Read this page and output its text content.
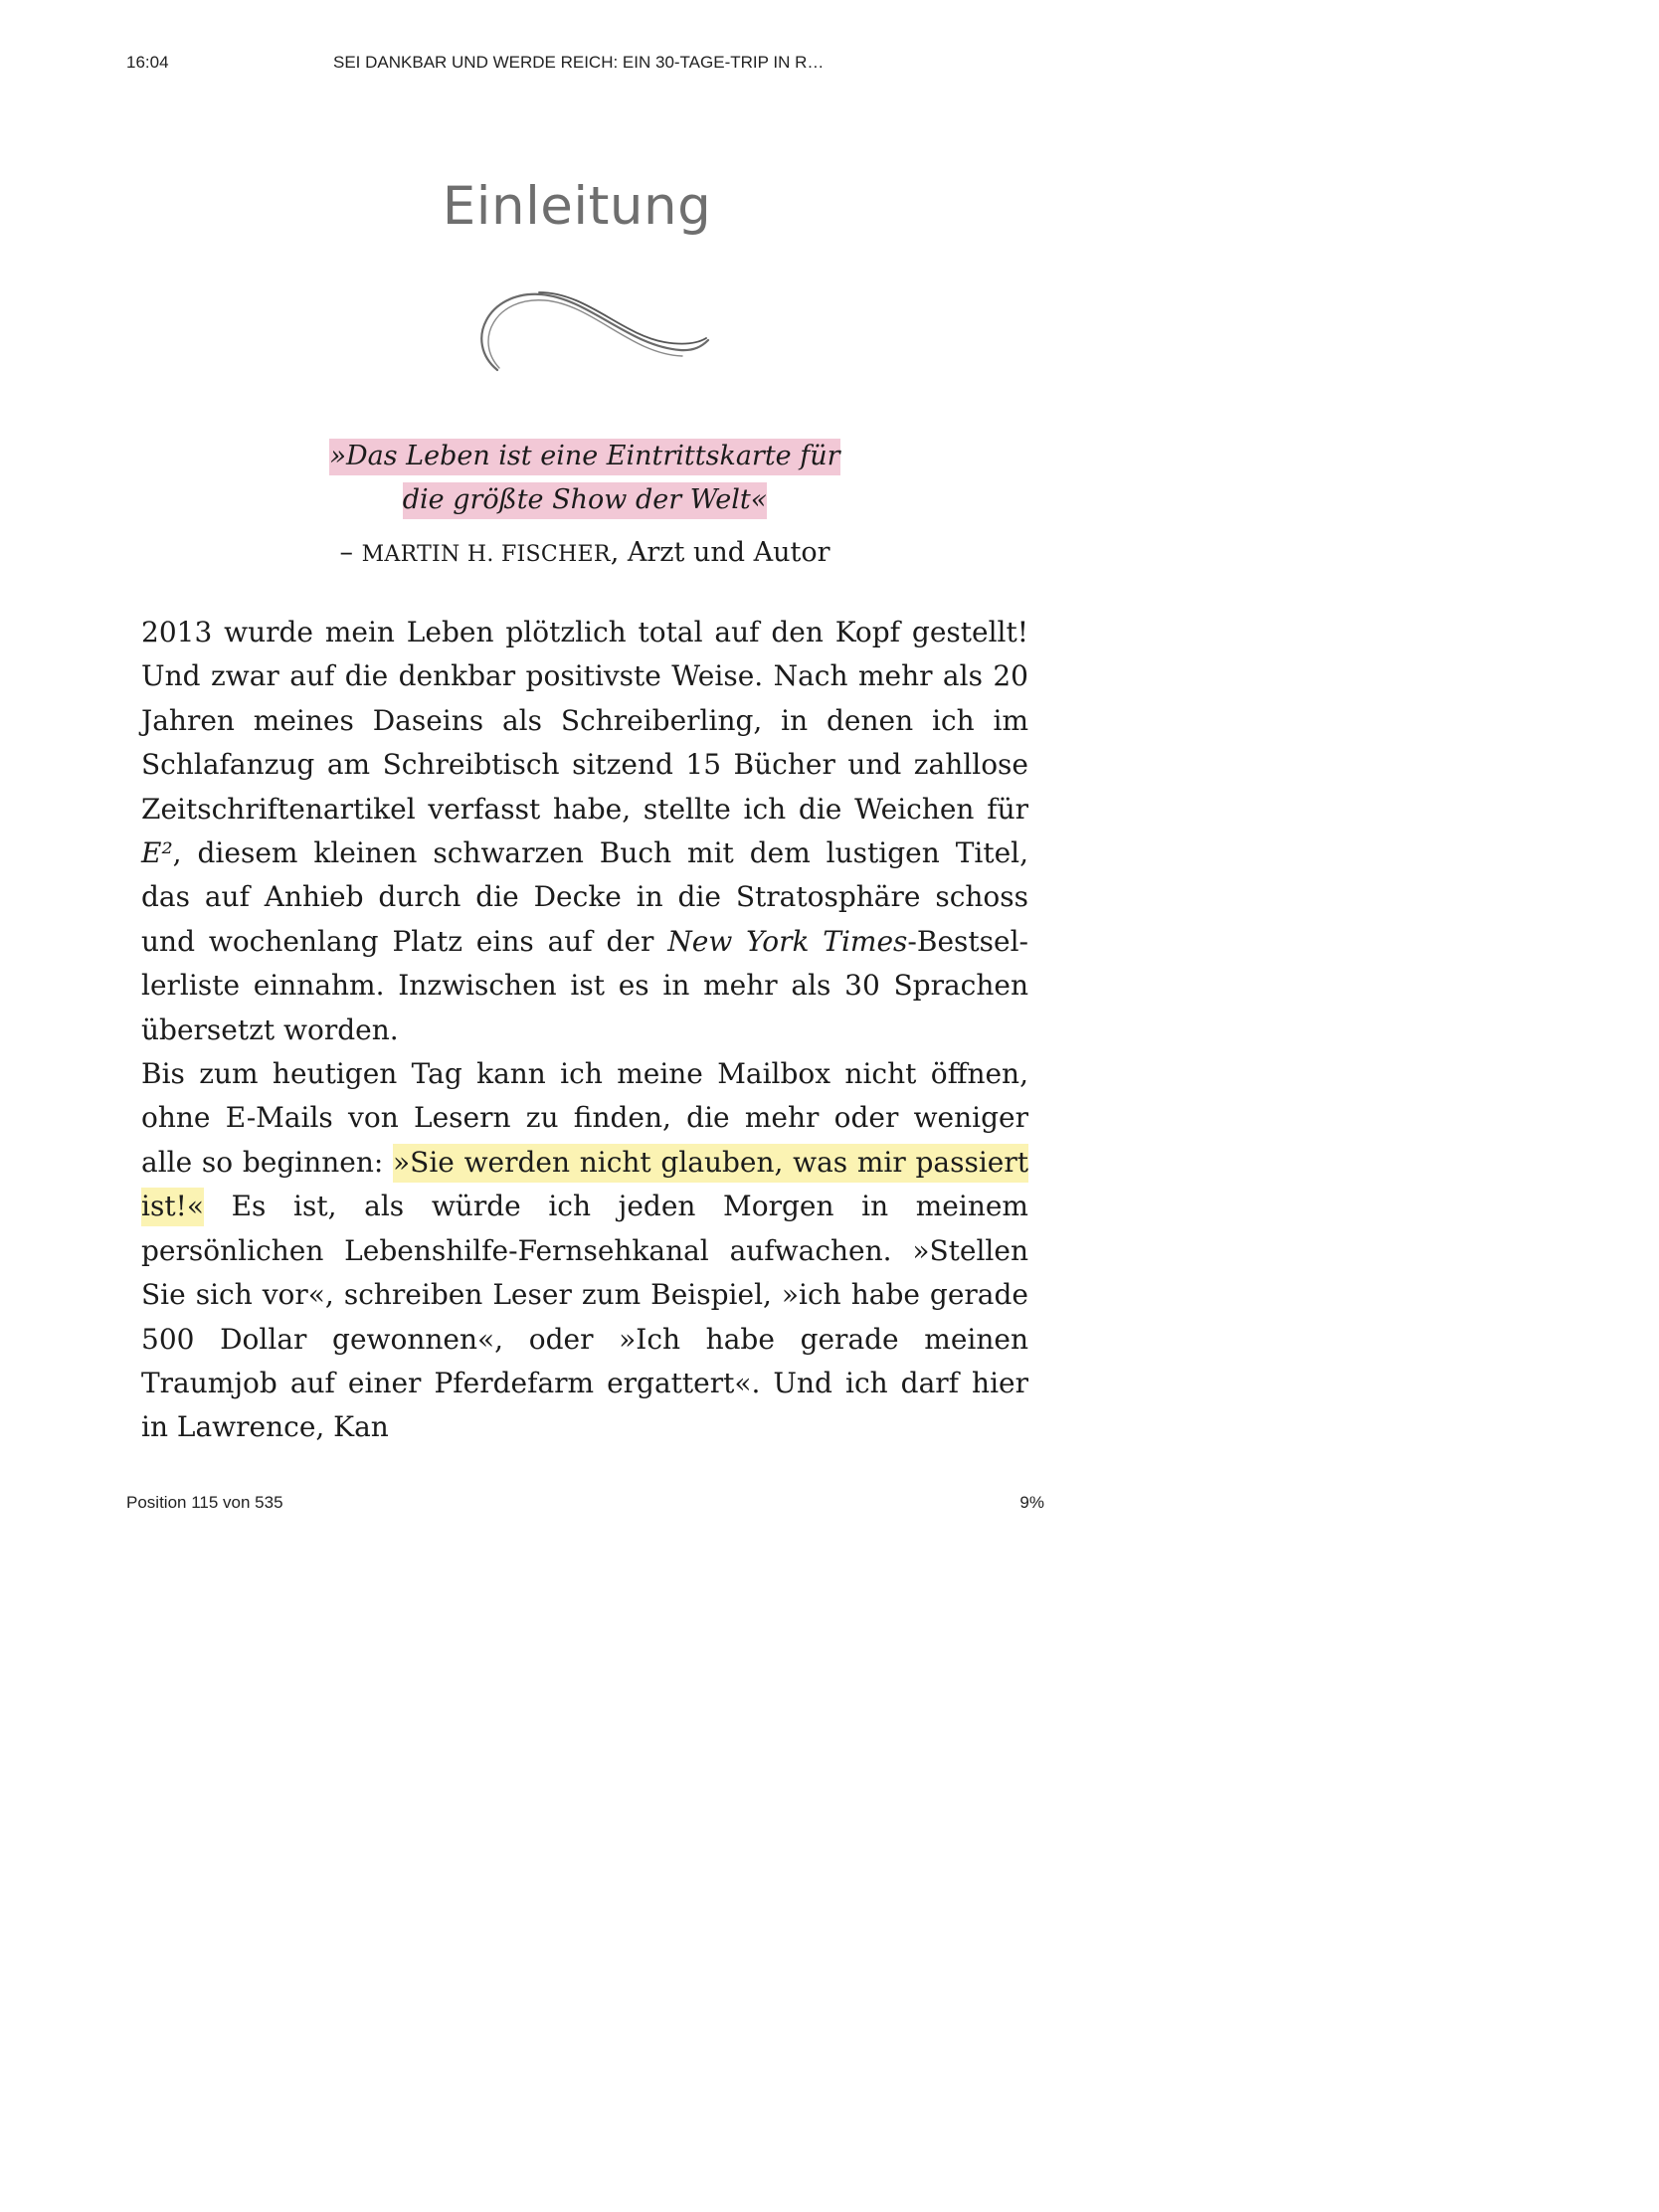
16:04	SEI DANKBAR UND WERDE REICH: EIN 30-TAGE-TRIP IN R…
Einleitung
»Das Leben ist eine Eintrittskarte für
die größte Show der Welt«
– MARTIN H. FISCHER, Arzt und Autor

2013 wurde mein Leben plötzlich total auf den Kopf gestellt! Und zwar auf die denkbar positivste Weise. Nach mehr als 20 Jahren meines Daseins als Schreiberling, in denen ich im Schlafanzug am Schreibtisch sitzend 15 Bücher und zahllose Zeitschriftenartikel verfasst habe, stellte ich die Weichen für E², diesem kleinen schwarzen Buch mit dem lustigen Titel, das auf Anhieb durch die Decke in die Stratosphäre schoss und wochenlang Platz eins auf der New York Times-Bestsellerliste einnahm. Inzwischen ist es in mehr als 30 Sprachen übersetzt worden.

Bis zum heutigen Tag kann ich meine Mailbox nicht öffnen, ohne E-Mails von Lesern zu finden, die mehr oder weniger alle so beginnen: »Sie werden nicht glauben, was mir passiert ist!« Es ist, als würde ich jeden Morgen in meinem persönlichen Lebenshilfe-Fernsehkanal aufwachen. »Stellen Sie sich vor«, schreiben Leser zum Beispiel, »ich habe gerade 500 Dollar gewonnen«, oder »Ich habe gerade meinen Traumjob auf einer Pferdefarm ergattert«. Und ich darf hier in Lawrence, Kan

Position 115 von 535	9%
